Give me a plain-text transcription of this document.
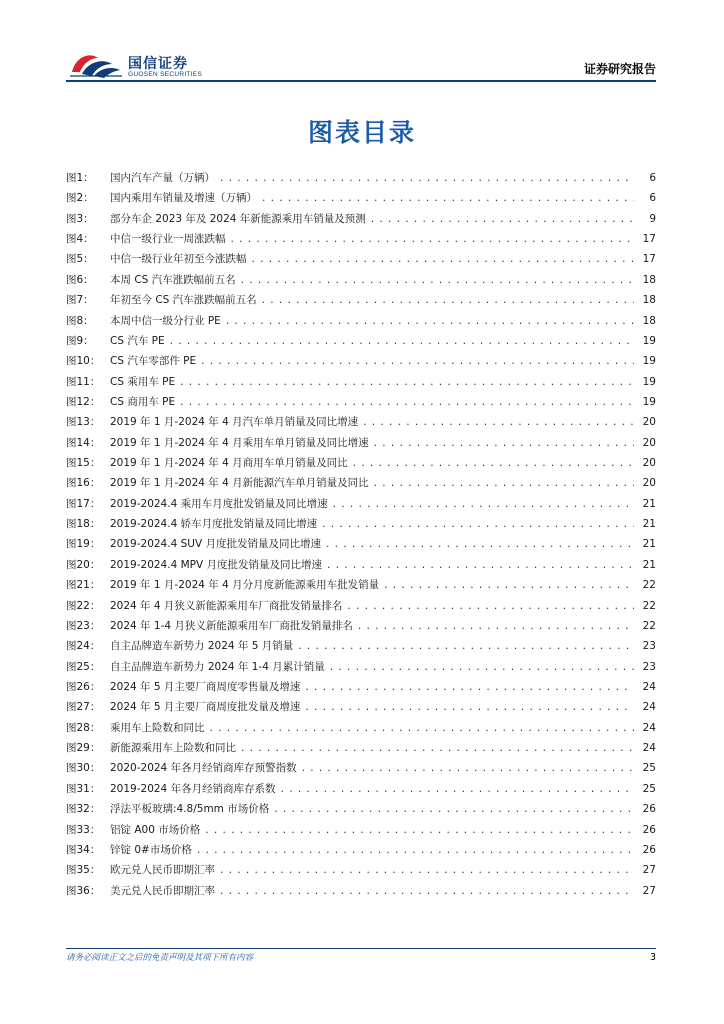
国信证券
GUOSEN SECURITIES	证券研究报告
图表目录
图1：	国内汽车产量（万辆） .....	6
图2：	国内乘用车销量及增速（万辆） .....	6
图3：	部分车企 2023 年及 2024 年新能源乘用车销量及预测 .....	9
图4：	中信一级行业一周涨跌幅 .....	17
图5：	中信一级行业年初至今涨跌幅 .....	17
图6：	本周 CS 汽车涨跌幅前五名 .....	18
图7：	年初至今 CS 汽车涨跌幅前五名 .....	18
图8：	本周中信一级分行业 PE .....	18
图9：	CS 汽车 PE .....	19
图10： CS 汽车零部件 PE .....	19
图11： CS 乘用车 PE .....	19
图12： CS 商用车 PE .....	19
图13： 2019 年 1 月-2024 年 4 月汽车单月销量及同比增速 .....	20
图14： 2019 年 1 月-2024 年 4 月乘用车单月销量及同比增速 .....	20
图15： 2019 年 1 月-2024 年 4 月商用车单月销量及同比 .....	20
图16： 2019 年 1 月-2024 年 4 月新能源汽车单月销量及同比 .....	20
图17： 2019-2024.4 乘用车月度批发销量及同比增速 .....	21
图18： 2019-2024.4 轿车月度批发销量及同比增速 .....	21
图19： 2019-2024.4 SUV 月度批发销量及同比增速 .....	21
图20： 2019-2024.4 MPV 月度批发销量及同比增速 .....	21
图21： 2019 年 1 月-2024 年 4 月分月度新能源乘用车批发销量 .....	22
图22： 2024 年 4 月狭义新能源乘用车厂商批发销量排名 .....	22
图23： 2024 年 1-4 月狭义新能源乘用车厂商批发销量排名 .....	22
图24： 自主品牌造车新势力 2024 年 5 月销量 .....	23
图25： 自主品牌造车新势力 2024 年 1-4 月累计销量 .....	23
图26： 2024 年 5 月主要厂商周度零售量及增速 .....	24
图27： 2024 年 5 月主要厂商周度批发量及增速 .....	24
图28： 乘用车上险数和同比 .....	24
图29： 新能源乘用车上险数和同比 .....	24
图30： 2020-2024 年各月经销商库存预警指数 .....	25
图31： 2019-2024 年各月经销商库存系数 .....	25
图32： 浮法平板玻璃:4.8/5mm 市场价格 .....	26
图33： 铝锭 A00 市场价格 .....	26
图34： 锌锭 0#市场价格 .....	26
图35： 欧元兑人民币即期汇率 .....	27
图36： 美元兑人民币即期汇率 .....	27
请务必阅读正文之后的免责声明及其项下所有内容	3
